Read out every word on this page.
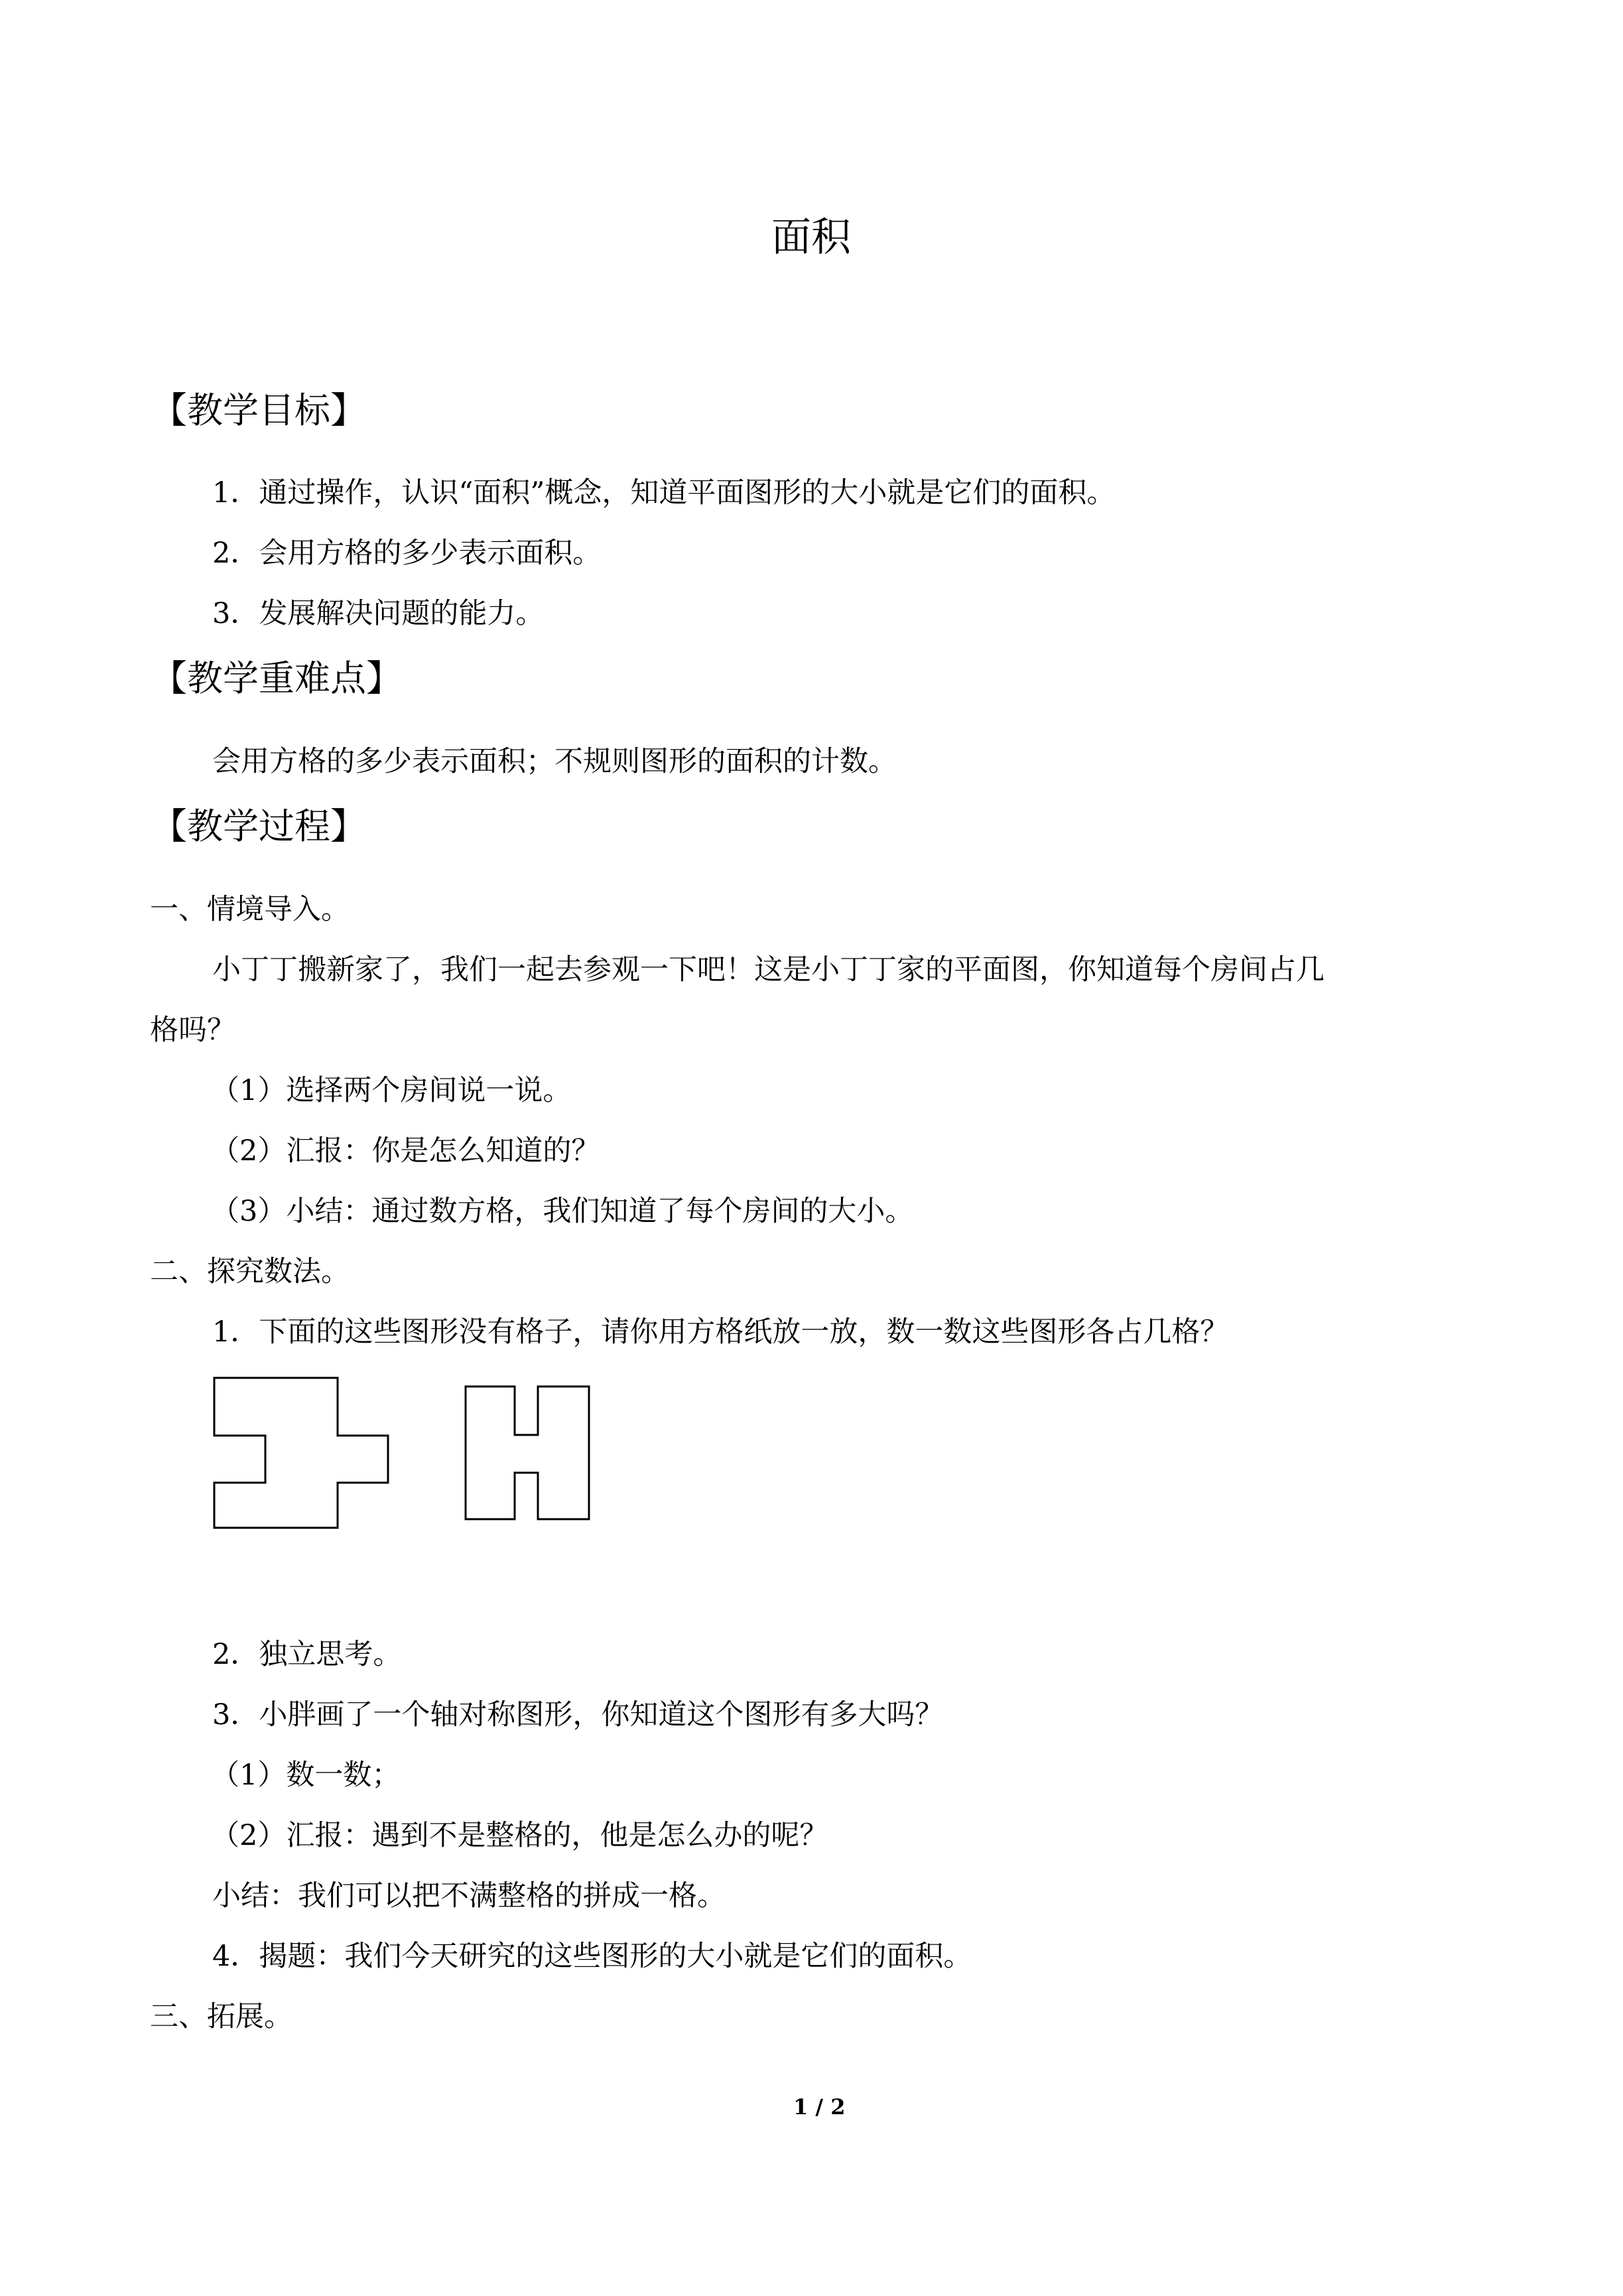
面积
【教学目标】
1．通过操作，认识“面积”概念，知道平面图形的大小就是它们的面积。
2．会用方格的多少表示面积。
3．发展解决问题的能力。
【教学重难点】
会用方格的多少表示面积；不规则图形的面积的计数。
【教学过程】
一、情境导入。
小丁丁搬新家了，我们一起去参观一下吧！这是小丁丁家的平面图，你知道每个房间占几
格吗？
（1）选择两个房间说一说。
（2）汇报：你是怎么知道的？
（3）小结：通过数方格，我们知道了每个房间的大小。
二、探究数法。
1．下面的这些图形没有格子，请你用方格纸放一放，数一数这些图形各占几格？
2．独立思考。
3．小胖画了一个轴对称图形，你知道这个图形有多大吗？
（1）数一数；
（2）汇报：遇到不是整格的，他是怎么办的呢？
小结：我们可以把不满整格的拼成一格。
4．揭题：我们今天研究的这些图形的大小就是它们的面积。
三、拓展。
1 / 2
